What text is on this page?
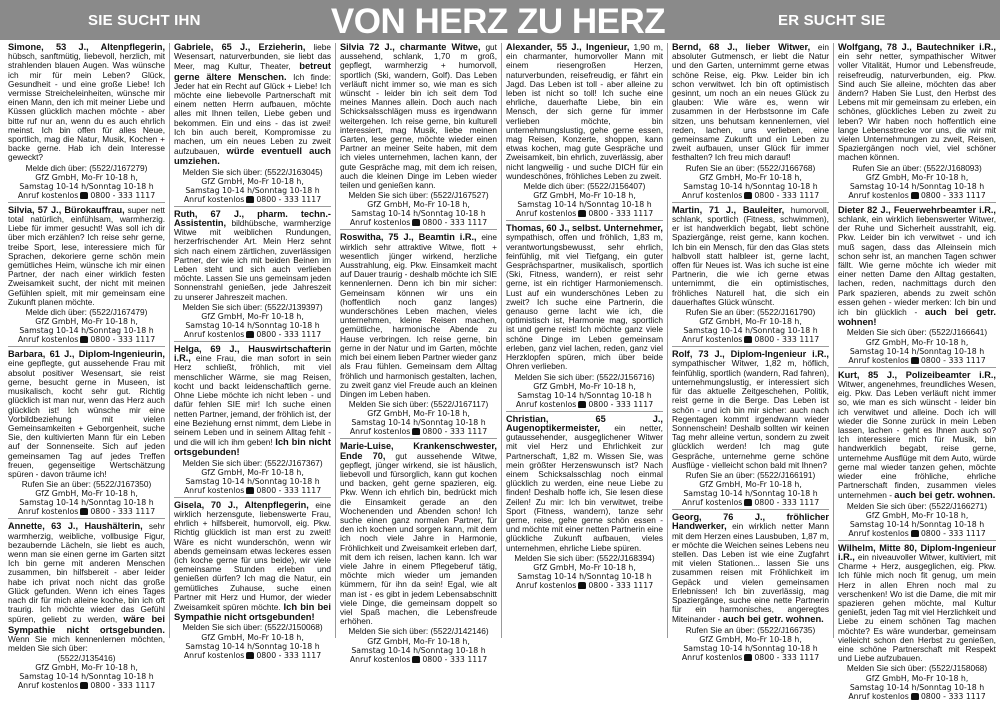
SIE SUCHT IHN	VON HERZ ZU HERZ	ER SUCHT SIE
Simone, 53 J., Altenpflegerin, hübsch, sanftmütig, Iiebevoll, herzlich, mit strahlenden blauen Augen. Was wünsche ich mir für mein Leben? Glück, Gesundheit - und eine große Liebe! Ich vermisse Streicheleinheiten, wünsche mir einen Mann, den ich mit meiner Liebe und Küssen glücklich machen möchte - aber bitte ruf nur an, wenn du es auch ehrlich meinst. Ich bin offen für alles Neue, sportlich, mag die Natur, Musik, Kochen + backe gerne. Hab ich dein Interesse geweckt?
Melde dich über: (5522/J167279)
GfZ GmbH, Mo-Fr 10-18 h,
Samstag 10-14 h/Sonntag 10-18 h
Anruf kostenlos 0800 - 333 1117
Silvia, 57 J., Bürokauffrau, super nett total natürlich, einfühlsam, warmherzig. Liebe für immer gesucht! Was soll ich dir über mich erzählen? Ich reise sehr gerne, treibe Sport, lese, interessiere mich für Sprachen, dekoriere gerne schön mein gemütliches Heim, wünsche ich mir einen Partner, der nach einer wirklich festen Zweisamkeit sucht, der nicht mit meinen Gefühlen spielt, mit mir gemeinsam eine Zukunft planen möchte.
Melde dich über: (5522/J167479)
GfZ GmbH, Mo-Fr 10-18 h,
Samstag 10-14 h/Sonntag 10-18 h
Anruf kostenlos 0800 - 333 1117
Barbara, 61 J., Diplom-Ingenieurin, eine gepflegte, gut aussehende Frau mit absolut positiver Wesensart, sie reist gerne, besucht gerne in Museen, ist musikalisch, kocht sehr gut. Richtig glücklich ist man nur, wenn das Herz auch glücklich ist! Ich wünsche mir eine Vorbildbeziehung mit vielen Gemeinsamkeiten + Geborgenheit, suche Sie, den kultivierten Mann für ein Leben auf der Sonnenseite. Sich auf jeden gemeinsamen Tag auf jedes Treffen freuen, gegenseitige Wertschätzung spüren - davon träume ich!
Rufen Sie an über: (5522/J167350)
GfZ GmbH, Mo-Fr 10-18 h,
Samstag 10-14 h/Sonntag 10-18 h
Anruf kostenlos 0800 - 333 1117
Annette, 63 J., Haushälterin, sehr warmherzig, weibliche, vollbusige Figur, bezaubernde Lächeln, sie liebt es auch, wenn man sie einen gerne im Garten sitzt Ich bin gerne mit anderen Menschen zusammen, bin hilfsbereit - aber leider habe ich privat noch nicht das große Glück gefunden. Wenn ich eines Tages nach dir für mich alleine koche, bin ich oft traurig. Ich möchte wieder das Gefühl spüren, geliebt zu werden, wäre bei Sympathie nicht ortsgebunden. Wenn Sie mich kennenlernen möchten, melden Sie sich über:
(5522/J135416)
GfZ GmbH, Mo-Fr 10-18 h,
Samstag 10-14 h/Sonntag 10-18 h
Anruf kostenlos 0800 - 333 1117
Gabriele, 65 J., Erzieherin, liebe Wesensart, naturverbunden, sie liebt das Meer, mag Kultur, Theater, betreut gerne ältere Menschen. Ich finde: Jeder hat ein Recht auf Glück + Liebe! Ich möchte eine liebevolle Partnerschaft mit einem netten Herrn aufbauen, möchte alles mit Ihnen teilen, Liebe geben und bekommen. Ein und eins - das ist zwei! Ich bin auch bereit, Kompromisse zu machen, um ein neues Leben zu zweit aufzubauen, würde eventuell auch umziehen.
Melden Sie sich über: (5522/J163045)
GfZ GmbH, Mo-Fr 10-18 h,
Samstag 10-14 h/Sonntag 10-18 h
Anruf kostenlos 0800 - 333 1117
Ruth, 67 J., pharm. techn.-Assistentin, bildhübsche, warmherzige Witwe mit weiblichen Rundungen, herzerfrischender Art. Mein Herz sehnt sich nach einem zärtlichen, zuverlässigen Partner, der wie ich mit beiden Beinen im Leben steht und sich auch verlieben möchte. Lassen Sie uns gemeinsam jeden Sonnenstrahl genießen, jede Jahreszeit zu unserer Jahreszeit machen.
Melden Sie sich über: (5522/J139397)
GfZ GmbH, Mo-Fr 10-18 h,
Samstag 10-14 h/Sonntag 10-18 h
Anruf kostenlos 0800 - 333 1117
Helga, 69 J., Hauswirtschafterin i.R., eine Frau, die man sofort in sein Herz schließt, fröhlich, mit viel menschlicher Wärme, sie mag Reisen, kocht und backt leidenschaftlich gerne. Ohne Liebe möchte ich nicht leben - und dafür fehlen SIE mir! Ich suche einen netten Partner, jemand, der fröhlich ist, der eine Beziehung ernst nimmt, dem Liebe in seinem Leben und in seinem Alltag fehlt - und die will ich ihm geben! Ich bin nicht ortsgebunden!
Melden Sie sich über: (5522/J167367)
GfZ GmbH, Mo-Fr 10-18 h,
Samstag 10-14 h/Sonntag 10-18 h
Anruf kostenlos 0800 - 333 1117
Gisela, 70 J., Altenpflegerin, eine wirklich herzensgute, liebenswerte Frau, ehrlich + hilfsbereit, humorvoll, eig. Pkw. Richtig glücklich ist man erst zu zweit! Wäre es nicht wunderschön, wenn wir abends gemeinsam etwas leckeres essen (ich koche gerne für uns beide), wir viele gemeinsame Stunden erleben und genießen dürfen? Ich mag die Natur, ein gemütliches Zuhause, suche einen Partner mit Herz und Humor, der wieder Zweisamkeit spüren möchte. Ich bin bei Sympathie nicht ortsgebunden!
Melden Sie sich über: (5522/J150068)
GfZ GmbH, Mo-Fr 10-18 h,
Samstag 10-14 h/Sonntag 10-18 h
Anruf kostenlos 0800 - 333 1117
Silvia 72 J., charmante Witwe, gut aussehend, schlank, 1,70 m groß, gepflegt, warmherzig + humorvoll, sportlich (Ski, wandern, Golf). Das Leben verläuft nicht immer so, wie man es sich wünscht - leider bin ich seit dem Tod meines Mannes allein. Doch auch nach Schicksalsschlägen muss es irgendwann weitergehen. Ich reise gerne, bin kulturell interessiert, mag Musik, liebe meinen Garten, lese gerne, möchte wieder einen Partner an meiner Seite haben, mit dem ich vieles unternehmen, lachen kann, der gute Gespräche mag, mit dem ich reisen, auch die kleinen Dinge im Leben wieder teilen und genießen kann.
Melden Sie sich über: (5522/J167527)
GfZ GmbH, Mo-Fr 10-18 h,
Samstag 10-14 h/Sonntag 10-18 h
Anruf kostenlos 0800 - 333 1117
Roswitha, 75 J., Beamtin i.R., eine wirklich sehr attraktive Witwe, flott + wesentlich jünger wirkend, herzliche Ausstrahlung, eig. Pkw. Einsamkeit macht auf Dauer traurig - deshalb möchte ich SIE kennenlernen. Denn ich bin mir sicher: Gemeinsam können wir uns ein (hoffentlich noch ganz langes) wunderschönes Leben machen, vieles unternehmen, kleine Reisen machen, gemütliche, harmonische Abende zu Hause verbringen. Ich reise gerne, bin gerne in der Natur und im Garten, möchte mich bei einem lieben Partner wieder ganz als Frau fühlen. Gemeinsam dem Alltag fröhlich und harmonisch gestalten, lachen, zu zweit ganz viel Freude auch an kleinen Dingen im Leben haben.
Melden Sie sich über: (5522/J167117)
GfZ GmbH, Mo-Fr 10-18 h,
Samstag 10-14 h/Sonntag 10-18 h
Anruf kostenlos 0800 - 333 1117
Marie-Luise, Krankenschwester, Ende 70, gut aussehende Witwe, gepflegt, jünger wirkend, sie ist häuslich, liebevoll und fürsorglich, kann gut kochen und backen, geht gerne spazieren, eig. Pkw. Wenn ich ehrlich bin, bedrückt mich die Einsamkeit gerade an den Wochenenden und Abenden schon! Ich suche einen ganz normalen Partner, für den ich kochen und sorgen kann, mit dem ich noch viele Jahre in Harmonie, Fröhlichkeit und Zweisamkeit erleben darf, mit dem ich reisen, lachen kann. Ich war viele Jahre in einem Pflegeberuf tätig, möchte mich wieder um jemanden kümmern, für ihn da sein! Egal, wie alt man ist - es gibt in jedem Lebensabschnitt viele Dinge, die gemeinsam doppelt so viel Spaß machen, die Lebensfreude erhöhen.
Melden Sie sich über: (5522/J142146)
GfZ GmbH, Mo-Fr 10-18 h,
Samstag 10-14 h/Sonntag 10-18 h
Anruf kostenlos 0800 - 333 1117
Alexander, 55 J., Ingenieur, 1,90 m, ein charmanter, humorvoller Mann mit einem riesengroßen Herzen, naturverbunden, reisefreudig, er fährt ein Jagd. Das Leben ist toll - aber alleine zu leben ist nicht so toll! Ich suche eine ehrliche, dauerhafte Liebe, bin ein Mensch, der sich gerne für immer verlieben möchte, bin unternehmungslustig, gehe gerne essen, mag Reisen, Konzerte, shoppen, kann etwas kochen, mag gute Gespräche und Zweisamkeit, bin ehrlich, zuverlässig, aber nicht langweilig - und suche DICH für ein wundeschönes, fröhliches Leben zu zweit.
Melde dich über: (5522/J156407)
GfZ GmbH, Mo-Fr 10-18 h,
Samstag 10-14 h/Sonntag 10-18 h
Anruf kostenlos 0800 - 333 1117
Thomas, 60 J., selbst. Unternehmer, sympathisch, offen und fröhlich, 1,83 m, verantwortungsbewusst, sehr ehrlich, feinfühlig, mit viel Tiefgang, ein guter Gesprächspartner, musikalisch, sportlich (Ski, Fitness, wandern), er reist sehr gerne, ist ein richtiger Harmoniemensch. Lust auf ein wunderschönes Leben zu zweit? Ich suche eine Partnerin, die genauso gerne lacht wie ich, die optimistisch ist, Harmonie mag, sportlich ist und gerne reist! Ich möchte ganz viele schöne Dinge im Leben gemeinsam erleben, ganz viel lachen, reden, ganz viel Herzklopfen spüren, mich über beide Ohren verlieben.
Melden Sie sich über: (5522/J156716)
GfZ GmbH, Mo-Fr 10-18 h,
Samstag 10-14 h/Sonntag 10-18 h
Anruf kostenlos 0800 - 333 1117
Christian, 65 J., Augenoptikermeister, ein netter, gutaussehender, ausgeglichener Witwer mit viel Herz und Ehrlichkeit zur Partnerschaft, 1,82 m. Wissen Sie, was mein größter Herzenswunsch ist? Nach einem Schicksalsschlag noch einmal glücklich zu werden, eine neue Liebe zu finden! Deshalb hoffe ich, Sie lesen diese Zeilen! Zu mir: Ich bin verwitwet, treibe Sport (Fitness, wandern), tanze sehr gerne, reise, gehe gerne schön essen - und möchte mit einer netten Partnerin eine glückliche Zukunft aufbauen, vieles unternehmen, ehrliche Liebe spüren.
Melden Sie sich über: (5522/J168394)
GfZ GmbH, Mo-Fr 10-18 h,
Samstag 10-14 h/Sonntag 10-18 h
Anruf kostenlos 0800 - 333 1117
Bernd, 68 J., lieber Witwer, ein absoluter Gutmensch, er liebt die Natur und den Garten, unternimmt gerne etwas schöne Reise, eig. Pkw. Leider bin ich schon verwitwet. Ich bin oft optimistisch gesinnt, um noch an ein neues Glück zu glauben: Wie wäre es, wenn wir zusammen in der Herbstsonne im Cafe sitzen, uns behutsam kennenlernen, viel reden, lachen, uns verlieben, eine gemeinsame Zukunft und ein Leben zu zweit aufbauen, unser Glück für immer festhalten? Ich freu mich darauf!
Rufen Sie an über: (5522/J166768)
GfZ GmbH, Mo-Fr 10-18 h,
Samstag 10-14 h/Sonntag 10-18 h
Anruf kostenlos 0800 - 333 1117
Martin, 71 J., Bauleiter, humorvoll, schlank, sportlich (Fitness, schwimmen), er ist handwerklich begabt, liebt schöne Spaziergänge, reist gerne, kann kochen. Ich bin ein Mensch, für den das Glas stets halbvoll statt halbleer ist, gerne lacht, offen für Neues ist. Was ich suche ist eine Partnerin, die wie ich gerne etwas unternimmt, die ein optimistisches, fröhliches Naturell hat, die sich ein dauerhaftes Glück wünscht.
Rufen Sie an über: (5522/J161790)
GfZ GmbH, Mo-Fr 10-18 h,
Samstag 10-14 h/Sonntag 10-18 h
Anruf kostenlos 0800 - 333 1117
Rolf, 73 J., Diplom-Ingenieur i.R., sympathischer Witwer, 1,82 m, höflich, feinfühlig, sportlich (wandern, Rad fahren), unternehmungslustig, er interessiert sich für das aktuelle Zeitgeschehen, Politik, reist gerne in die Berge. Das Leben ist schön - und ich bin mir sicher: auch nach Regentagen kommt irgendwann wieder Sonnenschein! Deshalb sollten wir keinen Tag mehr alleine vertun, sondern zu zweit glücklich werden! Ich mag gute Gespräche, unternehme gerne schöne Ausflüge - vielleicht schon bald mit Ihnen?
Rufen Sie an über: (5522/J166191)
GfZ GmbH, Mo-Fr 10-18 h,
Samstag 10-14 h/Sonntag 10-18 h
Anruf kostenlos 0800 - 333 1117
Georg, 76 J., fröhlicher Handwerker, ein wirklich netter Mann mit dem Herzen eines Lausbuben, 1,87 m, er möchte die Weichen seines Lebens neu stellen. Das Leben ist wie eine Zugfahrt mit vielen Stationen... lassen Sie uns zusammen reisen mit Fröhlichkeit im Gepäck und vielen gemeinsamen Erlebnissen! Ich bin zuverlässig, mag Spaziergänge, suche eine nette Partnerin für ein harmonisches, angeregtes Miteinander - auch bei getr. wohnen.
Rufen Sie an über: (5522/J166735)
GfZ GmbH, Mo-Fr 10-18 h,
Samstag 10-14 h/Sonntag 10-18 h
Anruf kostenlos 0800 - 333 1117
Wolfgang, 78 J., Bautechniker i.R., ein sehr netter, sympathischer Witwer voller Vitalität, Humor und Lebensfreude, reisefreudig, naturverbunden, eig. Pkw. Sind auch Sie alleine, möchten das aber ändern? Haben Sie Lust, den Herbst des Lebens mit mir gemeinsam zu erleben, ein schönes, glückliches Leben zu zweit zu leben? Wir haben noch hoffentlich eine lange Lebensstrecke vor uns, die wir mit vielen Unternehmungen zu zweit, Reisen, Spaziergängen noch viel, viel schöner machen können.
Rufen Sie an über: (5522/J168093)
GfZ GmbH, Mo-Fr 10-18 h,
Samstag 10-14 h/Sonntag 10-18 h
Anruf kostenlos 0800 - 333 1117
Dieter 82 J., Feuerwehrbeamter i.R., schlank, ein wirklich liebenswerter Witwer, der Ruhe und Sicherheit ausstrahlt, eig. Pkw. Leider bin ich verwitwet - und ich muß sagen, dass das Alleinsein mich schon sehr ist, an manchen Tagen schwer fällt. Wie gerne möchte ich wieder mit einer netten Dame den Alltag gestalten, lachen, reden, nachmittags durch den Park spazieren, abends zu zweit schön essen gehen - wieder merken: Ich bin und ich bin glücklich - auch bei getr. wohnen!
Melden Sie sich über: (5522/J166641)
GfZ GmbH, Mo-Fr 10-18 h,
Samstag 10-14 h/Sonntag 10-18 h
Anruf kostenlos 0800 - 333 1117
Kurt, 85 J., Polizeibeamter i.R., Witwer, angenehmes, freundliches Wesen, eig. Pkw. Das Leben verläuft nicht immer so, wie man es sich wünscht - leider bin ich verwitwet und alleine. Doch ich will wieder die Sonne zurück in mein Leben lassen, lachen - geht es Ihnen auch so? Ich interessiere mich für Musik, bin handwerklich begabt, reise gerne, unternehme Ausflüge mit dem Auto, würde gerne mal wieder tanzen gehen, möchte wieder eine fröhliche, ehrliche Partnerschaft finden, zusammen vieles unternehmen - auch bei getr. wohnen.
Melden Sie sich über: (5522/J166271)
GfZ GmbH, Mo-Fr 10-18 h,
Samstag 10-14 h/Sonntag 10-18 h
Anruf kostenlos 0800 - 333 1117
Wilhelm, Mitte 80, Diplom-Ingenieur i.R., ein niveauvoller Witwer, kultiviert, mit Charme + Herz, ausgeglichen, eig. Pkw. Ich fühle mich noch fit genug, um mein Herz in allen Ehren noch mal zu verschenken! Wo ist die Dame, die mit mir spazieren gehen möchte, mal Kultur genießt, jeden Tag mit viel Herzlichkeit und Liebe zu einem schönen Tag machen möchte? Es wäre wunderbar, gemeinsam vielleicht schon den Herbst zu genießen, eine schöne Partnerschaft mit Respekt und Liebe aufzubauen.
Melden Sie sich über: (5522/J158068)
GfZ GmbH, Mo-Fr 10-18 h,
Samstag 10-14 h/Sonntag 10-18 h
Anruf kostenlos 0800 - 333 1117
